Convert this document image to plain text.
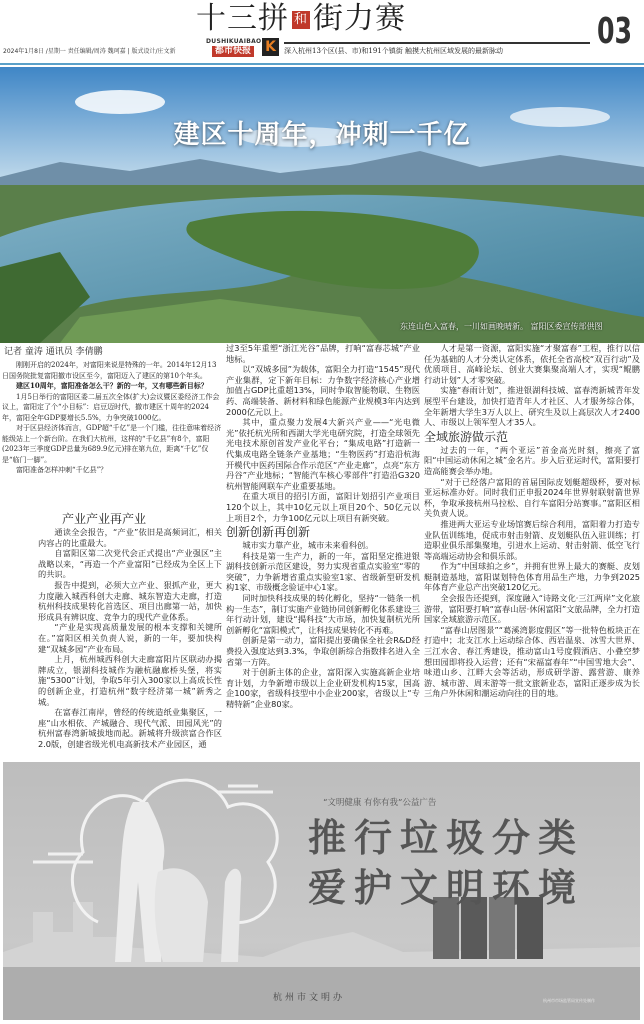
十三拼 和 街力赛
2024年1月8日 /星期一 责任编辑/周涛 魏珂嘉 | 版式设计/庄文新
DUSHIKUAIBAO
都市快报 K	深入杭州13个区(县、市)和191个镇街 触摸大杭州区域发展的最新脉动	03
建区十周年，冲刺一千亿
东连山色入富春，一川如画晚晴新。 富阳区委宣传部供图
记者 童涛 通讯员 李倩鹏

刚刚开启的2024年，对富阳来说是特殊的一年。2014年12月13日国务院批复富阳撤市设区至今，富阳迈入了建区的第10个年头。

建区10周年，富阳准备怎么干？新的一年，又有哪些新目标？

1月5日举行的富阳区委二届五次全体(扩大)会议暨区委经济工作会议上，富阳定了个“小目标”：启豆迈时代，撤市建区十周年的2024年，富阳全年GDP要增长5.5%，力争突破1000亿。

对于区县经济体而言，GDP超“千亿”是一个门槛，往往意味着经济能级站上一个新台阶。在我们大杭州，这样的“千亿县”有8个，富阳(2023年三季度GDP总量为689.9亿元)排在第九位，距离“千亿”仅是“临门一脚”。

富阳准备怎样冲刺“千亿县”？

产业产业再产业

通读全会报告，“产业”依旧是高频词汇，相关内容占的比重最大。

自富阳区第二次党代会正式提出“产业强区”主战略以来，“再造一个产业富阳”已经成为全区上下的共识。

报告中提到，必须大立产业、狠抓产业，更大力度融入城西科创大走廊、城东智造大走廊，打造杭州科技成果转化首选区、项目出廊第一站，加快形成具有辨识度、竞争力的现代产业体系。

“产业是实现高质量发展的根本支撑和关键所在。”富阳区相关负责人说，新的一年，要加快构建“双城多园”产业布局。

上月，杭州城西科创大走廊富阳片区联动办揭牌成立，银湖科技城作为融杭融廊桥头堡，将实施“5300”计划，争取5年引入300家以上高成长性的创新企业，打造杭州“数字经济第一城”新秀之城。

在富春江南岸，曾经的传统造纸业集聚区，一座“山水相依、产城融合、现代气派、田园风光”的杭州富春湾新城拔地而起。新城将升级滨富合作区2.0版，创建省级光机电高新技术产业园区，通

过3至5年重塑“浙江光谷”品牌，打响“富春芯城”产业地标。

以“双城多园”为载体，富阳全力打造“1545”现代产业集群，定下新年目标：力争数字经济核心产业增加值占GDP比重超13%，同时争取智能物联、生物医药、高端装备、新材料和绿色能源产业规模3年内达到2000亿元以上。

其中，重点聚力发展4大新兴产业——“光电微光”依托杭光所和西湖大学光电研究院，打造全球领先光电技术原创首发产业化平台；“集成电路”打造新一代集成电路全链条产业基地；“生物医药”打造沿杭海开模代中医药国际合作示范区“产业走廊”，点亮“东方丹谷”产业地标；“智能汽车核心零部件”打造沿G320杭州智能网联车产业重要基地。

在重大项目的招引方面，富阳计划招引产业项目120个以上，其中10亿元以上项目20个、50亿元以上项目2个，力争100亿元以上项目有新突破。

创新创新再创新

城市实力靠产业，城市未来看科创。

科技是第一生产力，新的一年，富阳坚定推进银湖科技创新示范区建设，努力实现省重点实验室“零的突破”，力争新增省重点实验室1家、省级新型研发机构1家、市级概念验证中心1家。

同时加快科技成果的转化孵化，坚持“一链条一机构一生态”，制订实施产业链协同创新孵化体系建设三年行动计划，建设“揭科技”大市场，加快复制杭光所创新孵化“富阳模式”，让科技成果转化不再难。

创新是第一动力，富阳提出要确保全社会R&D经费投入强度达到3.3%，争取创新综合指数排名进入全省第一方阵。

对于创新主体的企业，富阳深入实施高新企业培育计划，力争新增市级以上企业研发机构15家，国高企100家，省级科技型中小企业200家，省级以上“专精特新”企业80家。

人才是第一资源，富阳实施“才聚富春”工程，推行以信任为基础的人才分类认定体系，依托全省高校“双百行动”及优质项目、高峰论坛、创业大赛集聚高端人才，实现“鲲鹏行动计划”人才零突破。

实施“春雨计划”，推进银湖科技城、富春湾新城青年发展型平台建设，加快打造青年人才社区、人才服务综合体，全年新增大学生3万人以上、研究生及以上高层次人才2400人、市级以上领军型人才35人。

全域旅游做示范

过去的一年，“两个亚运”首金高光时刻，擦亮了富阳“中国运动休闲之城”金名片。步入后亚运时代，富阳要打造高能赛会举办地。

“对于已经落户富阳的首届国际皮划艇超级杯，要对标亚运标准办好。同时我们正申报2024年世界射联射箭世界杯，争取承接杭州马拉松、自行车富阳分站赛事。”富阳区相关负责人说。

推进两大亚运专业场馆赛后综合利用，富阳着力打造专业队伍训练地，促成市射击射箭、皮划艇队伍入驻训练；打造职业俱乐部集聚地，引进水上运动、射击射箭、低空飞行等高端运动协会和俱乐部。

作为“中国球拍之乡”，并拥有世界上最大的赛艇、皮划艇制造基地，富阳谋划特色体育用品生产地，力争到2025年体育产业总产出突破120亿元。

全会报告还提到，深度融入“诗路文化·三江两岸”文化旅游带，富阳要打响“富春山居·休闲富阳”文旅品牌，全力打造国家全域旅游示范区。

“富春山居图景”“葛溪湾影度假区”等一批特色板块正在打造中；北支江水上运动综合体、西岩温泉、冰雪大世界、三江水舍、春江秀建设，推动富山1号度假酒店、小叠空梦想田园即将投入运营；还有“宋福富春年”“中国雪地大会”、味道山乡、江畔大会等活动，形成研学游、露营游、康养游、城市游、周末游等一批文旅新业态，富阳正逐步成为长三角户外休闲和潮运动向往的目的地。

“文明健康 有你有我”公益广告
推行垃圾分类
爱护文明环境
杭州市文明办	杭州市市场监管局宣传处制作
